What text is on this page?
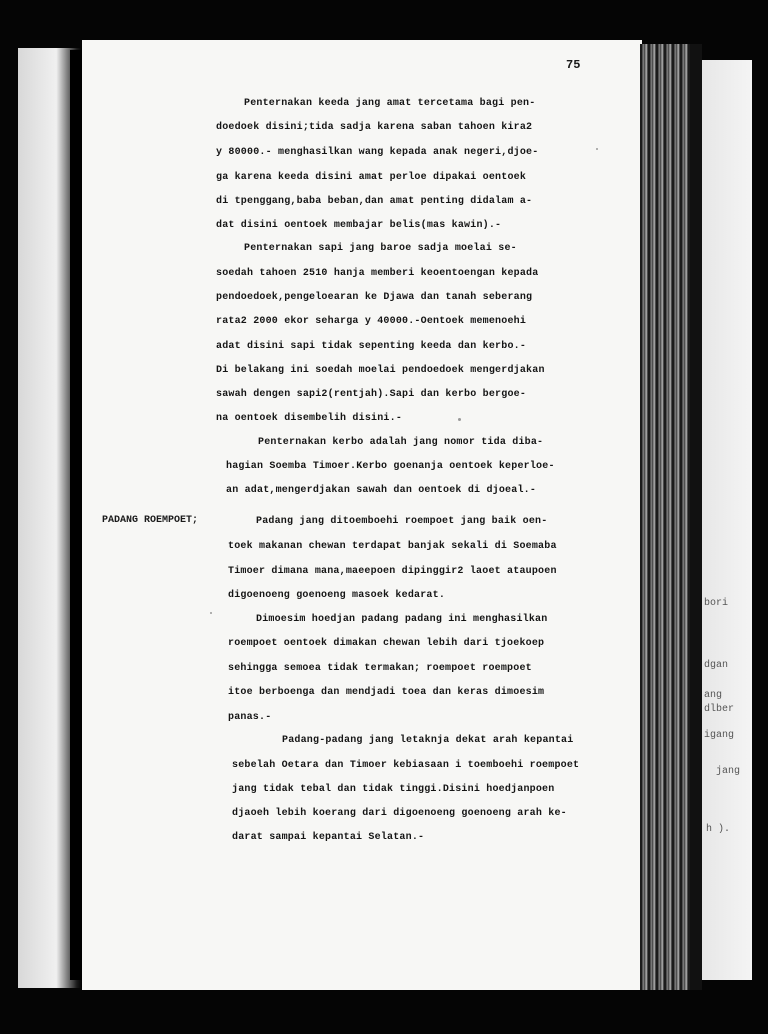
75
PADANG ROEMPOET;
Penternakan keeda jang amat tercetama bagi pen-
doedoek disini;tida sadja karena saban tahoen kira2
y 80000.- menghasilkan wang kepada anak negeri,djoe-
ga karena keeda disini amat perloe dipakai oentoek
di tpenggang,baba beban,dan amat penting didalam a-
dat disini oentoek membajar belis(mas kawin).-
Penternakan sapi jang baroe sadja moelai se-
soedah tahoen 2510 hanja memberi keoentoengan kepada
pendoedoek,pengeloearan ke Djawa dan tanah seberang
rata2 2000 ekor seharga y 40000.-Oentoek memenoehi
adat disini sapi tidak sepenting keeda dan kerbo.-
Di belakang ini soedah moelai pendoedoek mengerdjakan
sawah dengen sapi2(rentjah).Sapi dan kerbo bergoe-
na oentoek disembelih disini.-
Penternakan kerbo adalah jang nomor tida diba-
hagian Soemba Timoer.Kerbo goenanja oentoek keperloe-
an adat,mengerdjakan sawah dan oentoek di djoeal.-
Padang jang ditoemboehi roempoet jang baik oen-
toek makanan chewan terdapat banjak sekali di Soemaba
Timoer dimana mana,maeepoen dipinggir2 laoet ataupoen
digoenoeng goenoeng masoek kedarat.
Dimoesim hoedjan padang padang ini menghasilkan
roempoet oentoek dimakan chewan lebih dari tjoekoep
sehingga semoea tidak termakan; roempoet roempoet
itoe berboenga dan mendjadi toea dan keras dimoesim
panas.-
Padang-padang jang letaknja dekat arah kepantai
sebelah Oetara dan Timoer kebiasaan i toemboehi roempoet
jang tidak tebal dan tidak tinggi.Disini hoedjanpoen
djaoeh lebih koerang dari digoenoeng goenoeng arah ke-
darat sampai kepantai Selatan.-
bori
dgan
ang
dlber
igang
jang
h ).
